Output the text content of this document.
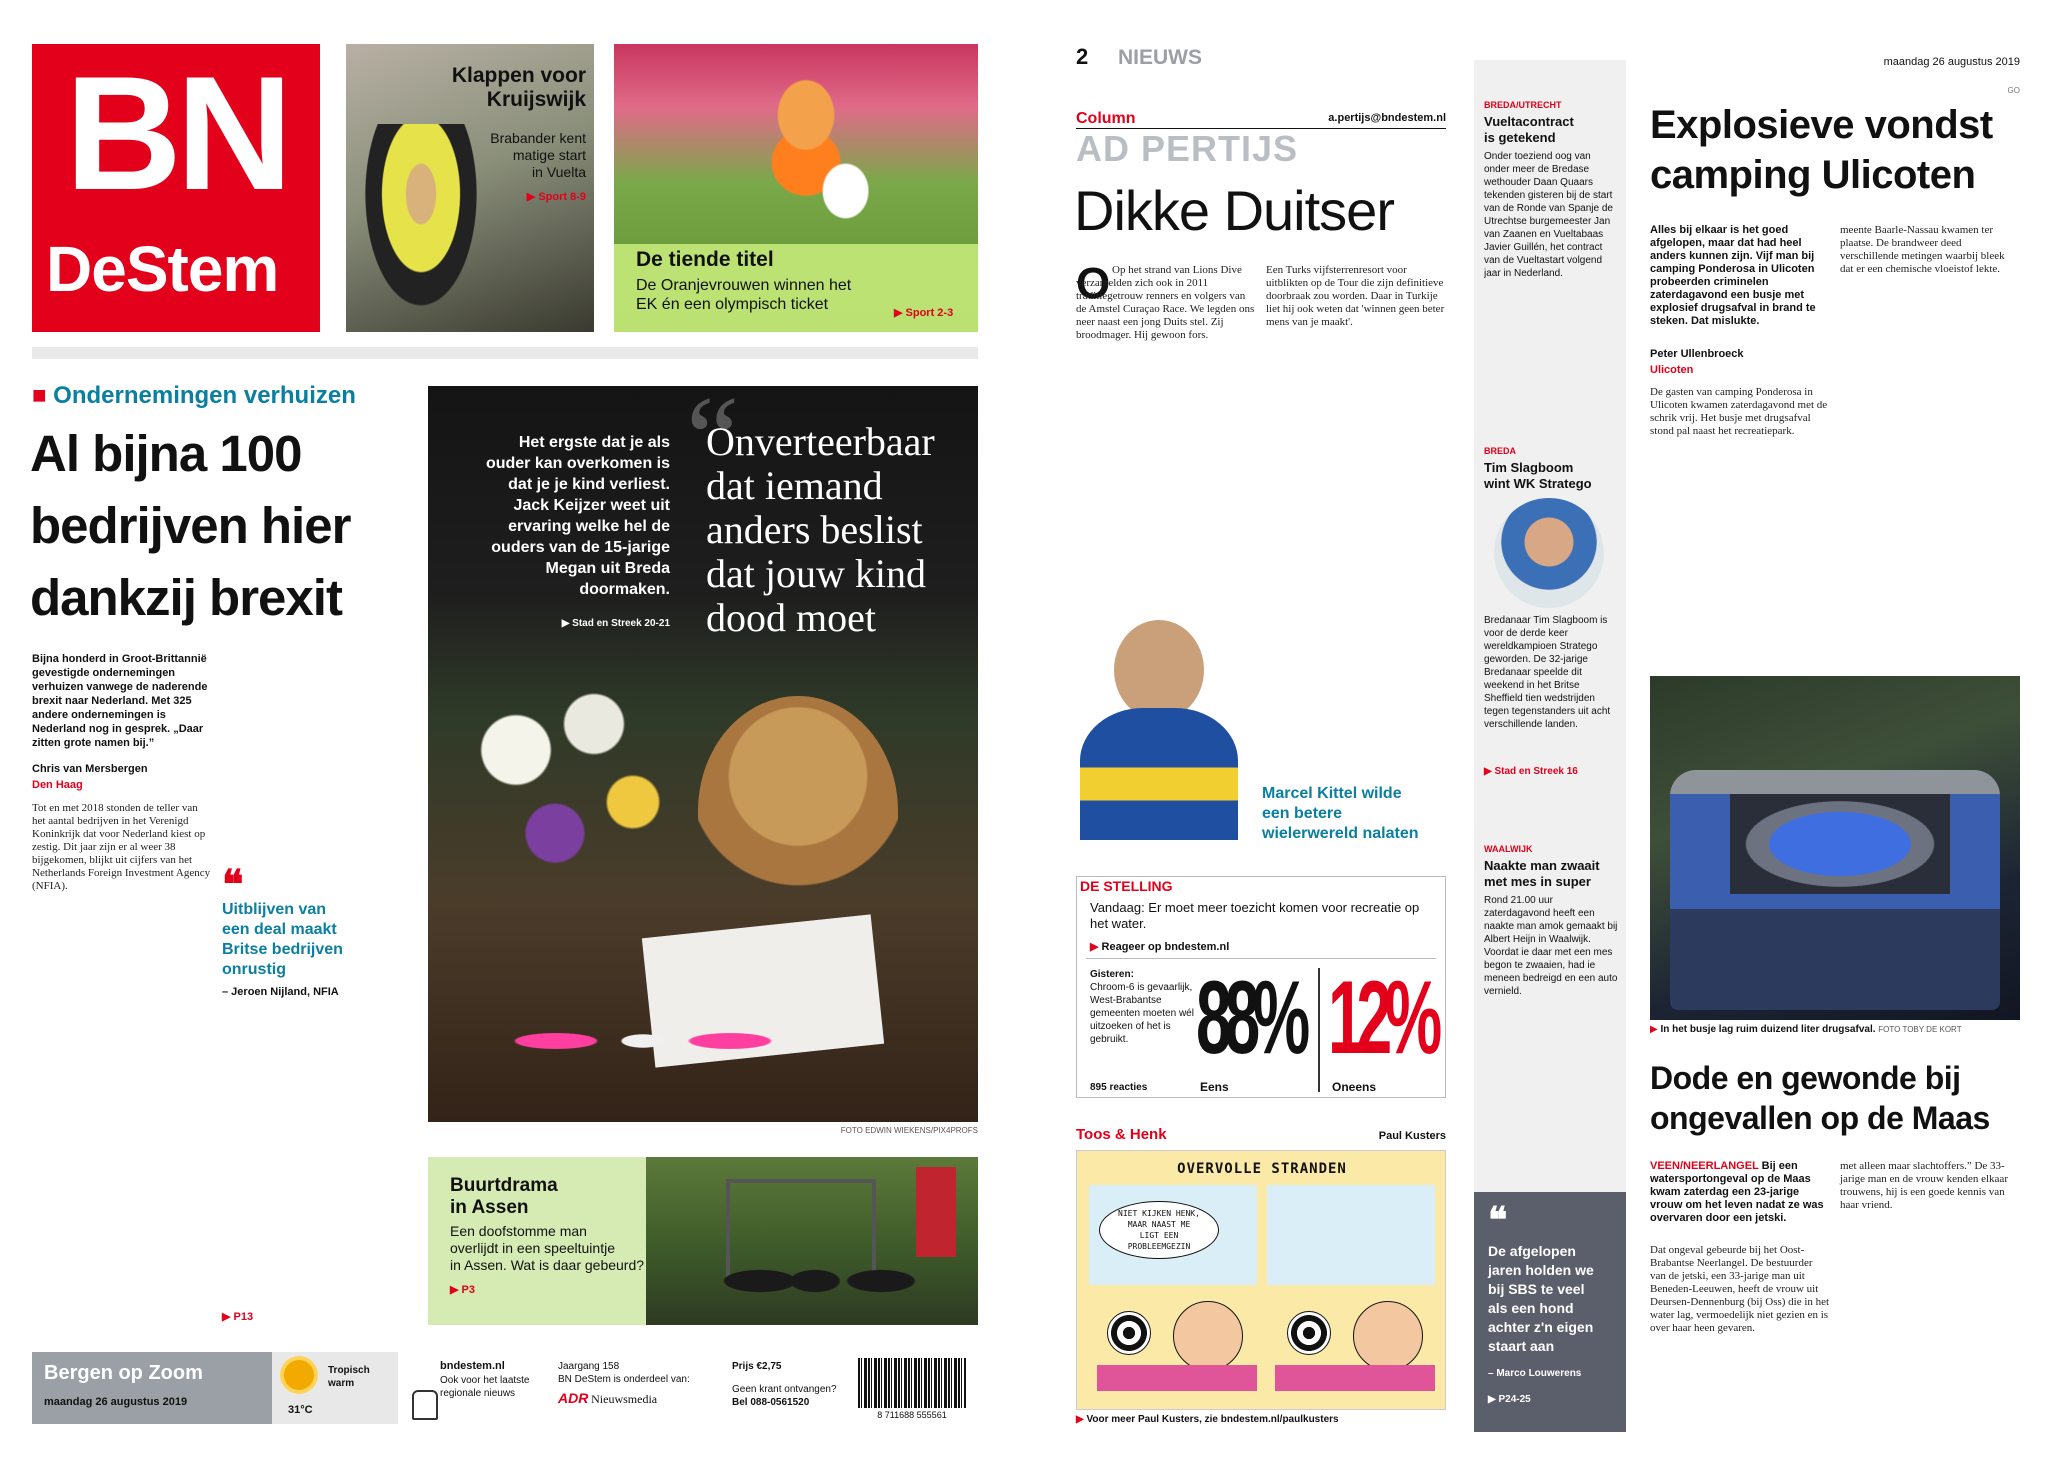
BN
DeStem
Klappen voor
Kruijswijk
Brabander kent
matige start
in Vuelta
▶ Sport 8-9
De tiende titel
De Oranjevrouwen winnen het
EK én een olympisch ticket	▶ Sport 2-3
■ Ondernemingen verhuizen
Al bijna 100
bedrijven hier
dankzij brexit
Bijna honderd in Groot-Brittannië gevestigde ondernemingen verhuizen vanwege de naderende brexit naar Nederland. Met 325 andere ondernemingen is Nederland nog in gesprek. „Daar zitten grote namen bij.”
Chris van Mersbergen
Den Haag
Tot en met 2018 stonden de teller van het aantal bedrijven in het Verenigd Koninkrijk dat voor Nederland kiest op zestig. Dit jaar zijn er al weer 38 bijgekomen, blijkt uit cijfers van het Netherlands Foreign Investment Agency (NFIA).	❝
Uitblijven van
een deal maakt
Britse bedrijven
onrustig
– Jeroen Nijland, NFIA
▶ P13
Het ergste dat je als
ouder kan overkomen is
dat je je kind verliest.
Jack Keijzer weet uit
ervaring welke hel de
ouders van de 15-jarige
Megan uit Breda
doormaken.
▶ Stad en Streek 20-21
“
Onverteerbaar
dat iemand
anders beslist
dat jouw kind
dood moet
FOTO EDWIN WIEKENS/PIX4PROFS
Buurtdrama
in Assen
Een doofstomme man
overlijdt in een speeltuintje
in Assen. Wat is daar gebeurd?
▶ P3
Bergen op Zoom
maandag 26 augustus 2019
Tropisch warm
31°C
bndestem.nl
Ook voor het laatste
regionale nieuws
Jaargang 158
BN DeStem is onderdeel van:
ADR Nieuwsmedia
Prijs €2,75
Geen krant ontvangen?
Bel 088-0561520
8 711688 555561
2 NIEUWS	maandag 26 augustus 2019
GO
Column	a.pertijs@bndestem.nl
AD PERTIJS
Dikke Duitser
O Op het strand van Lions Dive verzamelden zich ook in 2011 traditiegetrouw renners en volgers van de Amstel Curaçao Race. We legden ons neer naast een jong Duits stel. Zij broodmager. Hij gewoon fors.
Een Turks vijfsterrenresort voor uitblikten op de Tour die zijn definitieve doorbraak zou worden. Daar in Turkije liet hij ook weten dat 'winnen geen beter mens van je maakt'.
Marcel Kittel wilde
een betere
wielerwereld nalaten
DE STELLING
Vandaag: Er moet meer toezicht komen voor recreatie op het water.
▶ Reageer op bndestem.nl
Gisteren:
Chroom-6 is gevaarlijk, West-Brabantse gemeenten moeten wél uitzoeken of het is gebruikt.
895 reacties
88%
Eens
12%
Oneens
Toos & Henk	Paul Kusters
OVERVOLLE STRANDEN
NIET KIJKEN HENK,
MAAR NAAST ME
LIGT EEN
PROBLEEMGEZIN
▶ Voor meer Paul Kusters, zie bndestem.nl/paulkusters
BREDA/UTRECHT
Vueltacontract
is getekend
Onder toeziend oog van onder meer de Bredase wethouder Daan Quaars tekenden gisteren bij de start van de Ronde van Spanje de Utrechtse burgemeester Jan van Zaanen en Vueltabaas Javier Guillén, het contract van de Vueltastart volgend jaar in Nederland.
BREDA
Tim Slagboom
wint WK Stratego
Bredanaar Tim Slagboom is voor de derde keer wereldkampioen Stratego geworden. De 32-jarige Bredanaar speelde dit weekend in het Britse Sheffield tien wedstrijden tegen tegenstanders uit acht verschillende landen.
▶ Stad en Streek 16
WAALWIJK
Naakte man zwaait
met mes in super
Rond 21.00 uur zaterdagavond heeft een naakte man amok gemaakt bij Albert Heijn in Waalwijk. Voordat ie daar met een mes begon te zwaaien, had ie meneen bedreigd en een auto vernield.
❝
De afgelopen
jaren holden we
bij SBS te veel
als een hond
achter z'n eigen
staart aan
– Marco Louwerens
▶ P24-25
Explosieve vondst
camping Ulicoten
Alles bij elkaar is het goed afgelopen, maar dat had heel anders kunnen zijn. Vijf man bij camping Ponderosa in Ulicoten probeerden criminelen zaterdagavond een busje met explosief drugsafval in brand te steken. Dat mislukte.
Peter Ullenbroeck
Ulicoten
De gasten van camping Ponderosa in Ulicoten kwamen zaterdagavond met de schrik vrij. Het busje met drugsafval stond pal naast het recreatiepark.
meente Baarle-Nassau kwamen ter plaatse. De brandweer deed verschillende metingen waarbij bleek dat er een chemische vloeistof lekte.
▶ In het busje lag ruim duizend liter drugsafval. FOTO TOBY DE KORT
Dode en gewonde bij
ongevallen op de Maas
VEEN/NEERLANGEL Bij een watersportongeval op de Maas kwam zaterdag een 23-jarige vrouw om het leven nadat ze was overvaren door een jetski.
Dat ongeval gebeurde bij het Oost-Brabantse Neerlangel. De bestuurder van de jetski, een 33-jarige man uit Beneden-Leeuwen, heeft de vrouw uit Deursen-Dennenburg (bij Oss) die in het water lag, vermoedelijk niet gezien en is over haar heen gevaren.
met alleen maar slachtoffers.” De 33-jarige man en de vrouw kenden elkaar trouwens, hij is een goede kennis van haar vriend.
